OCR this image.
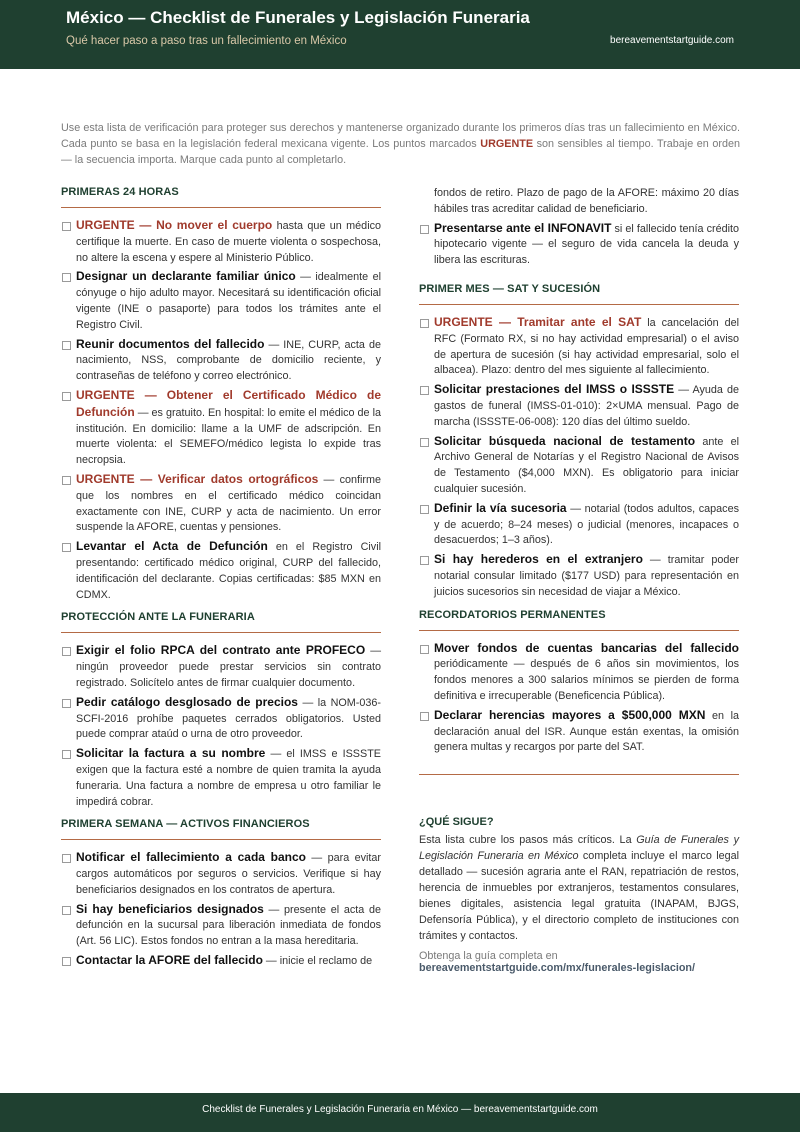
México — Checklist de Funerales y Legislación Funeraria
Qué hacer paso a paso tras un fallecimiento en México	bereavementstartguide.com
Use esta lista de verificación para proteger sus derechos y mantenerse organizado durante los primeros días tras un fallecimiento en México. Cada punto se basa en la legislación federal mexicana vigente. Los puntos marcados URGENTE son sensibles al tiempo. Trabaje en orden — la secuencia importa. Marque cada punto al completarlo.
PRIMERAS 24 HORAS
URGENTE — No mover el cuerpo hasta que un médico certifique la muerte. En caso de muerte violenta o sospechosa, no altere la escena y espere al Ministerio Público.
Designar un declarante familiar único — idealmente el cónyuge o hijo adulto mayor. Necesitará su identificación oficial vigente (INE o pasaporte) para todos los trámites ante el Registro Civil.
Reunir documentos del fallecido — INE, CURP, acta de nacimiento, NSS, comprobante de domicilio reciente, y contraseñas de teléfono y correo electrónico.
URGENTE — Obtener el Certificado Médico de Defunción — es gratuito. En hospital: lo emite el médico de la institución. En domicilio: llame a la UMF de adscripción. En muerte violenta: el SEMEFO/médico legista lo expide tras necropsia.
URGENTE — Verificar datos ortográficos — confirme que los nombres en el certificado médico coincidan exactamente con INE, CURP y acta de nacimiento. Un error suspende la AFORE, cuentas y pensiones.
Levantar el Acta de Defunción en el Registro Civil presentando: certificado médico original, CURP del fallecido, identificación del declarante. Copias certificadas: $85 MXN en CDMX.
PROTECCIÓN ANTE LA FUNERARIA
Exigir el folio RPCA del contrato ante PROFECO — ningún proveedor puede prestar servicios sin contrato registrado. Solicítelo antes de firmar cualquier documento.
Pedir catálogo desglosado de precios — la NOM-036-SCFI-2016 prohíbe paquetes cerrados obligatorios. Usted puede comprar ataúd o urna de otro proveedor.
Solicitar la factura a su nombre — el IMSS e ISSSTE exigen que la factura esté a nombre de quien tramita la ayuda funeraria. Una factura a nombre de empresa u otro familiar le impedirá cobrar.
PRIMERA SEMANA — ACTIVOS FINANCIEROS
Notificar el fallecimiento a cada banco — para evitar cargos automáticos por seguros o servicios. Verifique si hay beneficiarios designados en los contratos de apertura.
Si hay beneficiarios designados — presente el acta de defunción en la sucursal para liberación inmediata de fondos (Art. 56 LIC). Estos fondos no entran a la masa hereditaria.
Contactar la AFORE del fallecido — inicie el reclamo de
fondos de retiro. Plazo de pago de la AFORE: máximo 20 días hábiles tras acreditar calidad de beneficiario.
Presentarse ante el INFONAVIT si el fallecido tenía crédito hipotecario vigente — el seguro de vida cancela la deuda y libera las escrituras.
PRIMER MES — SAT Y SUCESIÓN
URGENTE — Tramitar ante el SAT la cancelación del RFC (Formato RX, si no hay actividad empresarial) o el aviso de apertura de sucesión (si hay actividad empresarial, solo el albacea). Plazo: dentro del mes siguiente al fallecimiento.
Solicitar prestaciones del IMSS o ISSSTE — Ayuda de gastos de funeral (IMSS-01-010): 2×UMA mensual. Pago de marcha (ISSSTE-06-008): 120 días del último sueldo.
Solicitar búsqueda nacional de testamento ante el Archivo General de Notarías y el Registro Nacional de Avisos de Testamento ($4,000 MXN). Es obligatorio para iniciar cualquier sucesión.
Definir la vía sucesoria — notarial (todos adultos, capaces y de acuerdo; 8–24 meses) o judicial (menores, incapaces o desacuerdos; 1–3 años).
Si hay herederos en el extranjero — tramitar poder notarial consular limitado ($177 USD) para representación en juicios sucesorios sin necesidad de viajar a México.
RECORDATORIOS PERMANENTES
Mover fondos de cuentas bancarias del fallecido periódicamente — después de 6 años sin movimientos, los fondos menores a 300 salarios mínimos se pierden de forma definitiva e irrecuperable (Beneficencia Pública).
Declarar herencias mayores a $500,000 MXN en la declaración anual del ISR. Aunque están exentas, la omisión genera multas y recargos por parte del SAT.
¿QUÉ SIGUE?
Esta lista cubre los pasos más críticos. La Guía de Funerales y Legislación Funeraria en México completa incluye el marco legal detallado — sucesión agraria ante el RAN, repatriación de restos, herencia de inmuebles por extranjeros, testamentos consulares, bienes digitales, asistencia legal gratuita (INAPAM, BJGS, Defensoría Pública), y el directorio completo de instituciones con trámites y contactos.
Obtenga la guía completa en
bereavementstartguide.com/mx/funerales-legislacion/
Checklist de Funerales y Legislación Funeraria en México — bereavementstartguide.com
